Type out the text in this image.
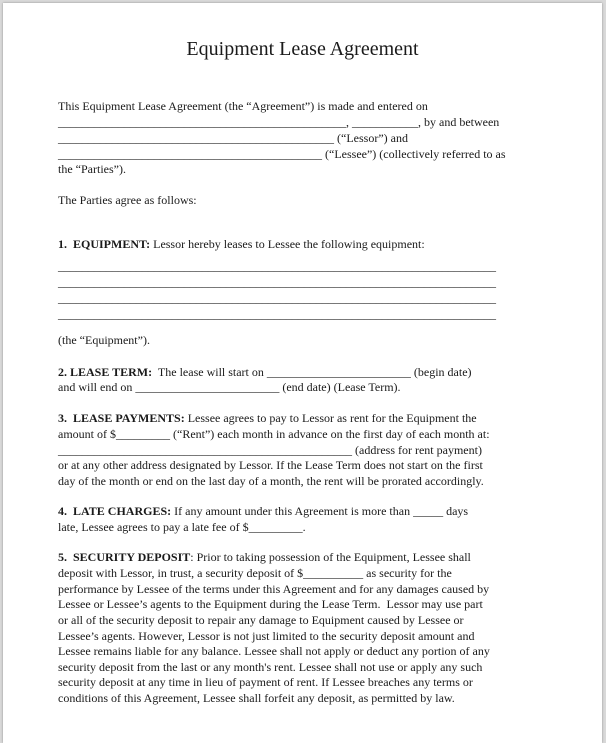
Equipment Lease Agreement
This Equipment Lease Agreement (the “Agreement”) is made and entered on
________________________________________________, ___________, by and between
______________________________________________ (“Lessor”) and
____________________________________________ (“Lessee”) (collectively referred to as
the “Parties”).
The Parties agree as follows:
1.  EQUIPMENT: Lessor hereby leases to Lessee the following equipment:
_________________________________________________________________________
_________________________________________________________________________
_________________________________________________________________________
_________________________________________________________________________
(the “Equipment”).
2. LEASE TERM:  The lease will start on ________________________ (begin date)
and will end on ________________________ (end date) (Lease Term).
3.  LEASE PAYMENTS: Lessee agrees to pay to Lessor as rent for the Equipment the
amount of $_________ (“Rent”) each month in advance on the first day of each month at:
_________________________________________________ (address for rent payment)
or at any other address designated by Lessor. If the Lease Term does not start on the first
day of the month or end on the last day of a month, the rent will be prorated accordingly.
4.  LATE CHARGES: If any amount under this Agreement is more than _____ days
late, Lessee agrees to pay a late fee of $_________.
5.  SECURITY DEPOSIT: Prior to taking possession of the Equipment, Lessee shall
deposit with Lessor, in trust, a security deposit of $__________ as security for the
performance by Lessee of the terms under this Agreement and for any damages caused by
Lessee or Lessee’s agents to the Equipment during the Lease Term.  Lessor may use part
or all of the security deposit to repair any damage to Equipment caused by Lessee or
Lessee’s agents. However, Lessor is not just limited to the security deposit amount and
Lessee remains liable for any balance. Lessee shall not apply or deduct any portion of any
security deposit from the last or any month's rent. Lessee shall not use or apply any such
security deposit at any time in lieu of payment of rent. If Lessee breaches any terms or
conditions of this Agreement, Lessee shall forfeit any deposit, as permitted by law.
